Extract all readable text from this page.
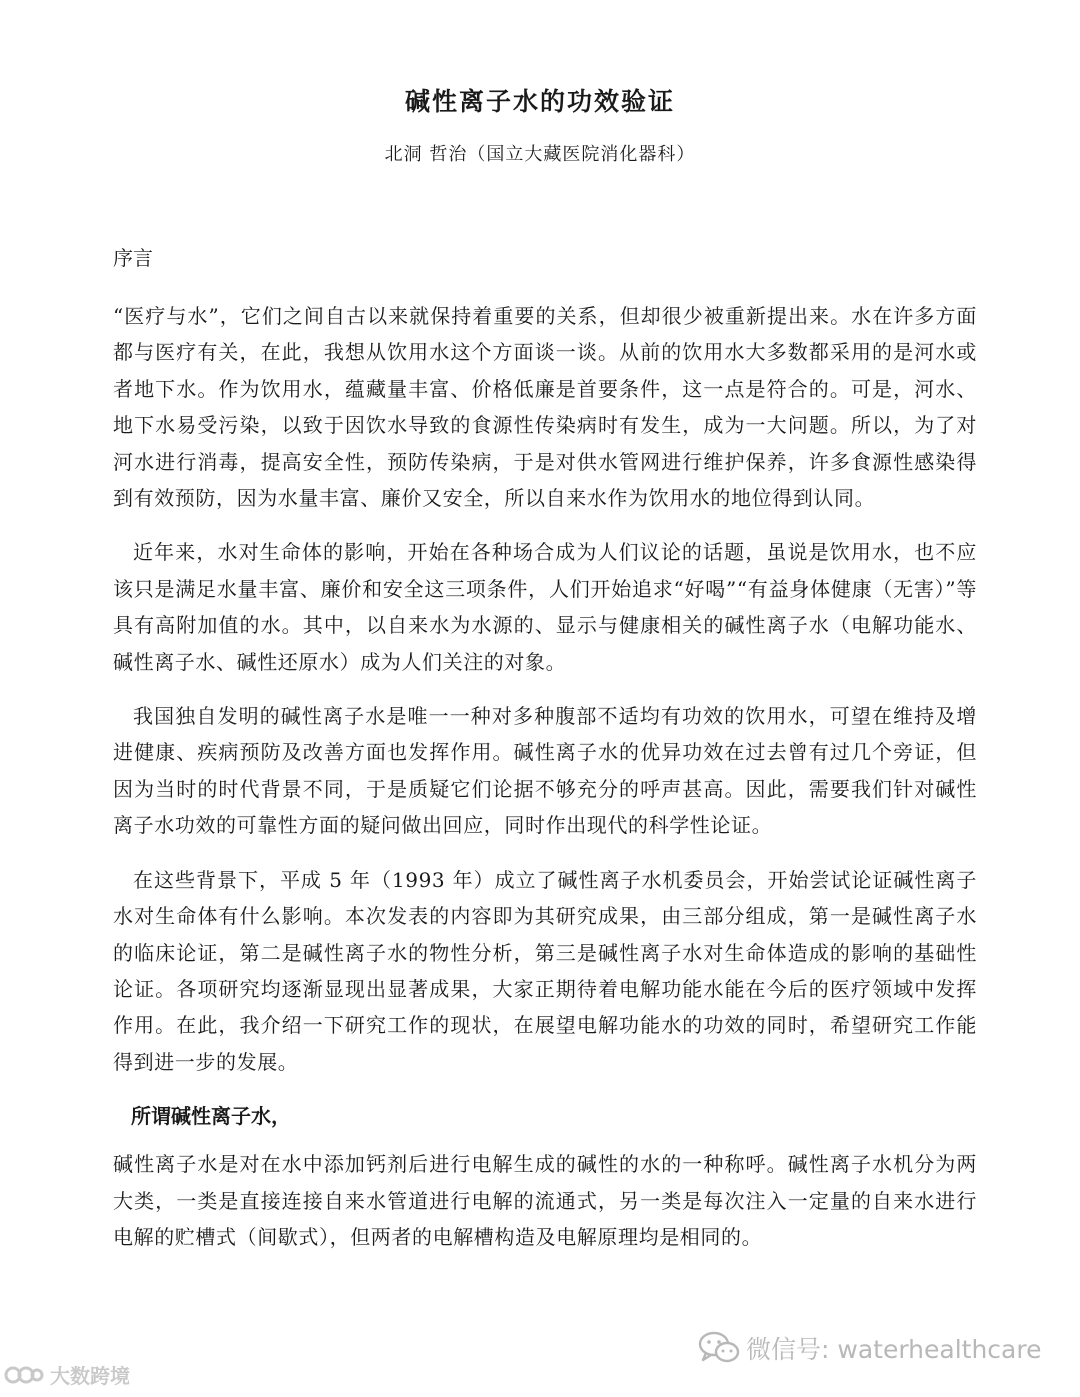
碱性离子水的功效验证

北洞 哲治（国立大藏医院消化器科）

序言

“医疗与水”，它们之间自古以来就保持着重要的关系，但却很少被重新提出来。水在许多方面都与医疗有关，在此，我想从饮用水这个方面谈一谈。从前的饮用水大多数都采用的是河水或者地下水。作为饮用水，蕴藏量丰富、价格低廉是首要条件，这一点是符合的。可是，河水、地下水易受污染，以致于因饮水导致的食源性传染病时有发生，成为一大问题。所以，为了对河水进行消毒，提高安全性，预防传染病，于是对供水管网进行维护保养，许多食源性感染得到有效预防，因为水量丰富、廉价又安全，所以自来水作为饮用水的地位得到认同。

近年来，水对生命体的影响，开始在各种场合成为人们议论的话题，虽说是饮用水，也不应该只是满足水量丰富、廉价和安全这三项条件，人们开始追求“好喝”“有益身体健康（无害）”等具有高附加值的水。其中，以自来水为水源的、显示与健康相关的碱性离子水（电解功能水、碱性离子水、碱性还原水）成为人们关注的对象。

我国独自发明的碱性离子水是唯一一种对多种腹部不适均有功效的饮用水，可望在维持及增进健康、疾病预防及改善方面也发挥作用。碱性离子水的优异功效在过去曾有过几个旁证，但因为当时的时代背景不同，于是质疑它们论据不够充分的呼声甚高。因此，需要我们针对碱性离子水功效的可靠性方面的疑问做出回应，同时作出现代的科学性论证。

在这些背景下，平成 5 年（1993 年）成立了碱性离子水机委员会，开始尝试论证碱性离子水对生命体有什么影响。本次发表的内容即为其研究成果，由三部分组成，第一是碱性离子水的临床论证，第二是碱性离子水的物性分析，第三是碱性离子水对生命体造成的影响的基础性论证。各项研究均逐渐显现出显著成果，大家正期待着电解功能水能在今后的医疗领域中发挥作用。在此，我介绍一下研究工作的现状，在展望电解功能水的功效的同时，希望研究工作能得到进一步的发展。

所谓碱性离子水，

碱性离子水是对在水中添加钙剂后进行电解生成的碱性的水的一种称呼。碱性离子水机分为两大类，一类是直接连接自来水管道进行电解的流通式，另一类是每次注入一定量的自来水进行电解的贮槽式（间歇式），但两者的电解槽构造及电解原理均是相同的。

大数跨境
微信号: waterhealthcare
